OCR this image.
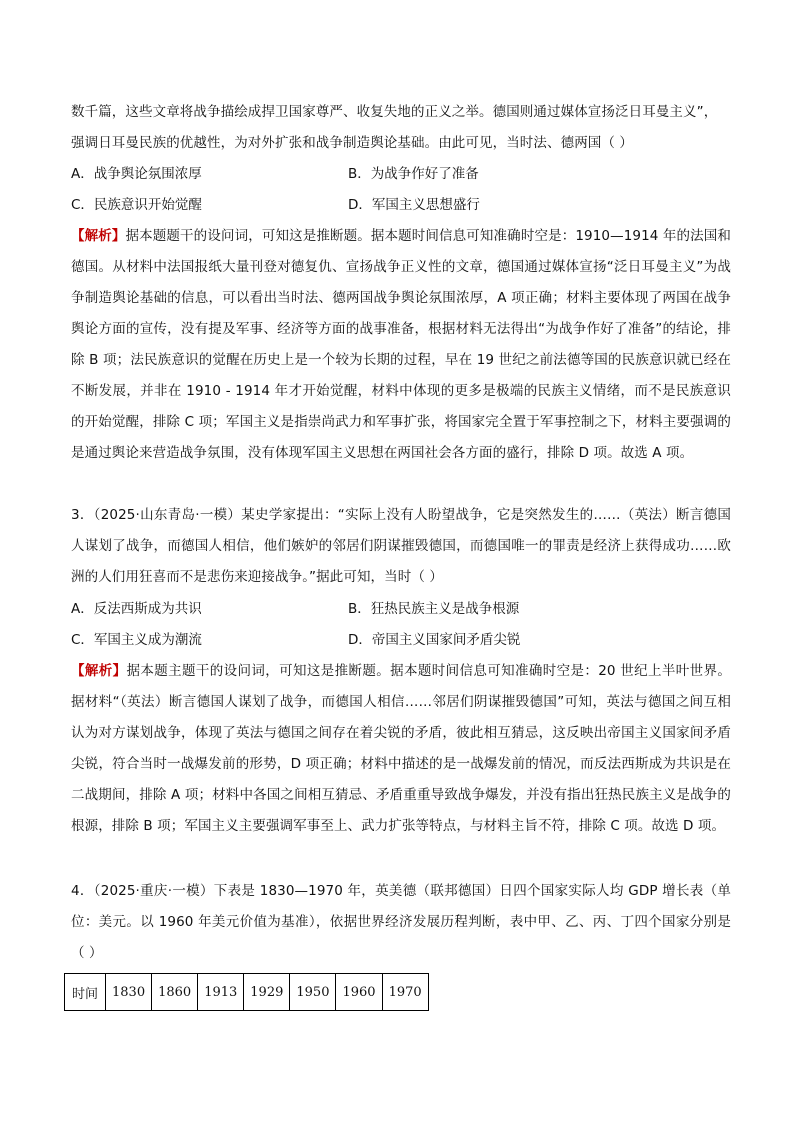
数千篇，这些文章将战争描绘成捍卫国家尊严、收复失地的正义之举。德国则通过媒体宣扬泛日耳曼主义”，
强调日耳曼民族的优越性，为对外扩张和战争制造舆论基础。由此可见，当时法、德两国（ ）
A．战争舆论氛围浓厚	B．为战争作好了准备
C．民族意识开始觉醒	D．军国主义思想盛行
【解析】据本题题干的设问词，可知这是推断题。据本题时间信息可知准确时空是：1910—1914 年的法国和德国。从材料中法国报纸大量刊登对德复仇、宣扬战争正义性的文章，德国通过媒体宣扬“泛日耳曼主义”为战争制造舆论基础的信息，可以看出当时法、德两国战争舆论氛围浓厚，A 项正确；材料主要体现了两国在战争舆论方面的宣传，没有提及军事、经济等方面的战事准备，根据材料无法得出“为战争作好了准备”的结论，排除 B 项；法民族意识的觉醒在历史上是一个较为长期的过程，早在 19 世纪之前法德等国的民族意识就已经在不断发展，并非在 1910 - 1914 年才开始觉醒，材料中体现的更多是极端的民族主义情绪，而不是民族意识的开始觉醒，排除 C 项；军国主义是指崇尚武力和军事扩张，将国家完全置于军事控制之下，材料主要强调的是通过舆论来营造战争氛围，没有体现军国主义思想在两国社会各方面的盛行，排除 D 项。故选 A 项。
3．（2025·山东青岛·一模）某史学家提出：“实际上没有人盼望战争，它是突然发生的……（英法）断言德国人谋划了战争，而德国人相信，他们嫉妒的邻居们阴谋摧毁德国，而德国唯一的罪责是经济上获得成功……欧洲的人们用狂喜而不是悲伤来迎接战争。”据此可知，当时（ ）
A．反法西斯成为共识	B．狂热民族主义是战争根源
C．军国主义成为潮流	D．帝国主义国家间矛盾尖锐
【解析】据本题主题干的设问词，可知这是推断题。据本题时间信息可知准确时空是：20 世纪上半叶世界。据材料“（英法）断言德国人谋划了战争，而德国人相信……邻居们阴谋摧毁德国”可知，英法与德国之间互相认为对方谋划战争，体现了英法与德国之间存在着尖锐的矛盾，彼此相互猜忌，这反映出帝国主义国家间矛盾尖锐，符合当时一战爆发前的形势，D 项正确；材料中描述的是一战爆发前的情况，而反法西斯成为共识是在二战期间，排除 A 项；材料中各国之间相互猜忌、矛盾重重导致战争爆发，并没有指出狂热民族主义是战争的根源，排除 B 项；军国主义主要强调军事至上、武力扩张等特点，与材料主旨不符，排除 C 项。故选 D 项。
4．（2025·重庆·一模）下表是 1830—1970 年，英美德（联邦德国）日四个国家实际人均 GDP 增长表（单位：美元。以 1960 年美元价值为基准），依据世界经济发展历程判断，表中甲、乙、丙、丁四个国家分别是（ ）
时间	1830	1860	1913	1929	1950	1960	1970
